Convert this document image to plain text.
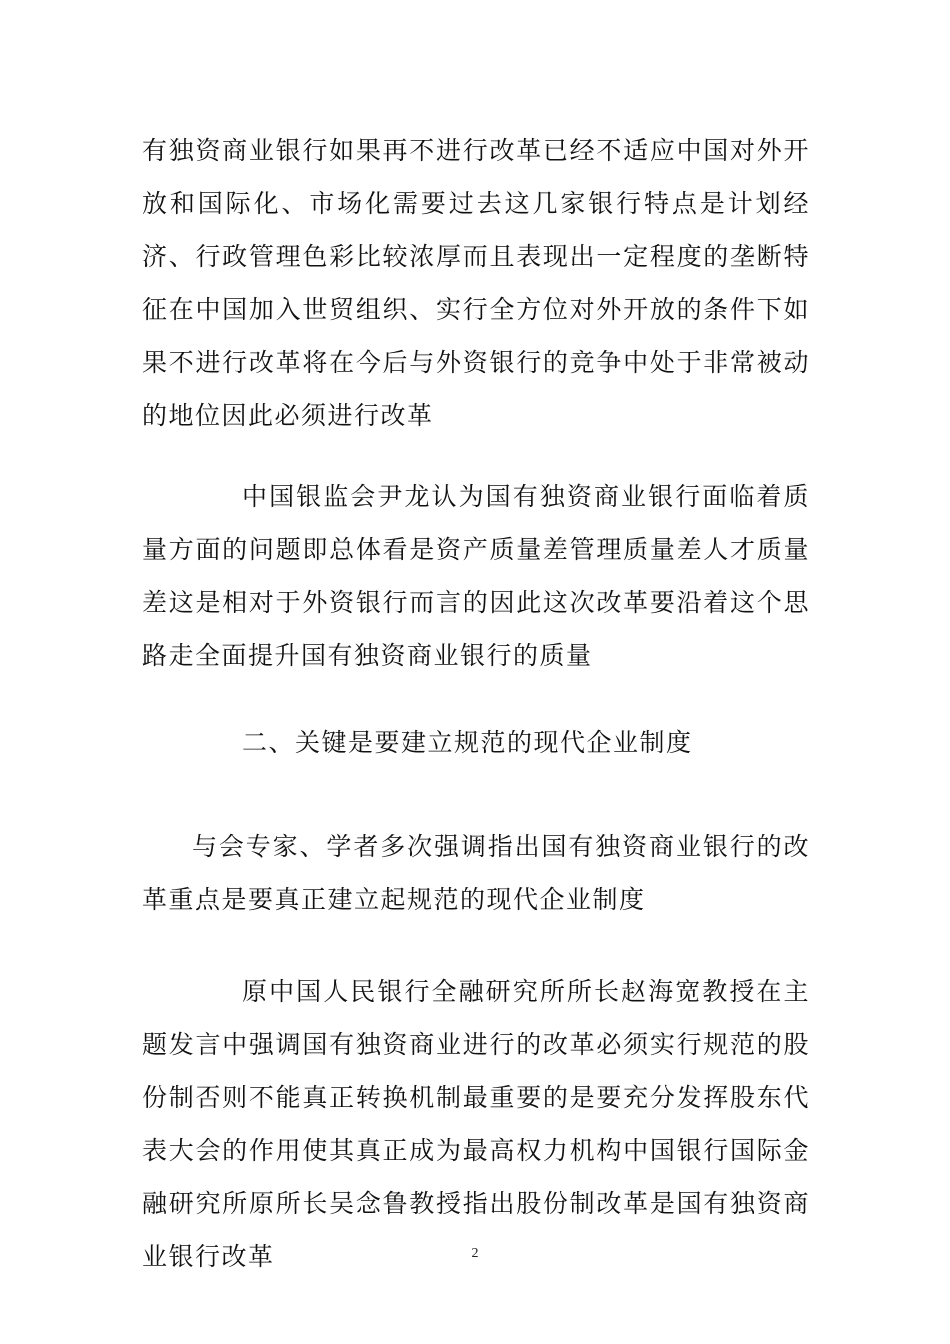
有独资商业银行如果再不进行改革已经不适应中国对外开放和国际化、市场化需要过去这几家银行特点是计划经济、行政管理色彩比较浓厚而且表现出一定程度的垄断特征在中国加入世贸组织、实行全方位对外开放的条件下如果不进行改革将在今后与外资银行的竞争中处于非常被动的地位因此必须进行改革

中国银监会尹龙认为国有独资商业银行面临着质量方面的问题即总体看是资产质量差管理质量差人才质量差这是相对于外资银行而言的因此这次改革要沿着这个思路走全面提升国有独资商业银行的质量

二、关键是要建立规范的现代企业制度

与会专家、学者多次强调指出国有独资商业银行的改革重点是要真正建立起规范的现代企业制度

原中国人民银行全融研究所所长赵海宽教授在主题发言中强调国有独资商业进行的改革必须实行规范的股份制否则不能真正转换机制最重要的是要充分发挥股东代表大会的作用使其真正成为最高权力机构中国银行国际金融研究所原所长吴念鲁教授指出股份制改革是国有独资商业银行改革	2
